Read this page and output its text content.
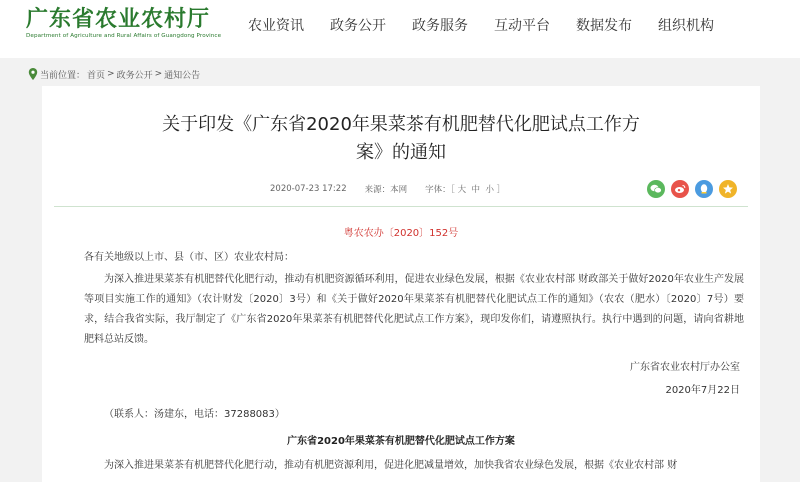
广东省农业农村厅
Department of Agriculture and Rural Affairs of Guangdong Province
农业资讯 政务公开 政务服务 互动平台 数据发布 组织机构
当前位置： 首页 > 政务公开 > 通知公告
关于印发《广东省2020年果菜茶有机肥替代化肥试点工作方
案》的通知
2020-07-23 17:22 来源：本网 字体：［ 大 中 小 ］
粤农农办〔2020〕152号
各有关地级以上市、县（市、区）农业农村局：
为深入推进果菜茶有机肥替代化肥行动，推动有机肥资源循环利用，促进农业绿色发展，根据《农业农村部 财政部关于做好2020年农业生产发展等项目实施工作的通知》（农计财发〔2020〕3号）和《关于做好2020年果菜茶有机肥替代化肥试点工作的通知》（农农（肥水）〔2020〕7号）要求，结合我省实际，我厅制定了《广东省2020年果菜茶有机肥替代化肥试点工作方案》，现印发你们，请遵照执行。执行中遇到的问题，请向省耕地肥料总站反馈。
广东省农业农村厅办公室
2020年7月22日
（联系人：汤建东，电话：37288083）
广东省2020年果菜茶有机肥替代化肥试点工作方案
为深入推进果菜茶有机肥替代化肥行动，推动有机肥资源利用，促进化肥减量增效，加快我省农业绿色发展，根据《农业农村部 财
